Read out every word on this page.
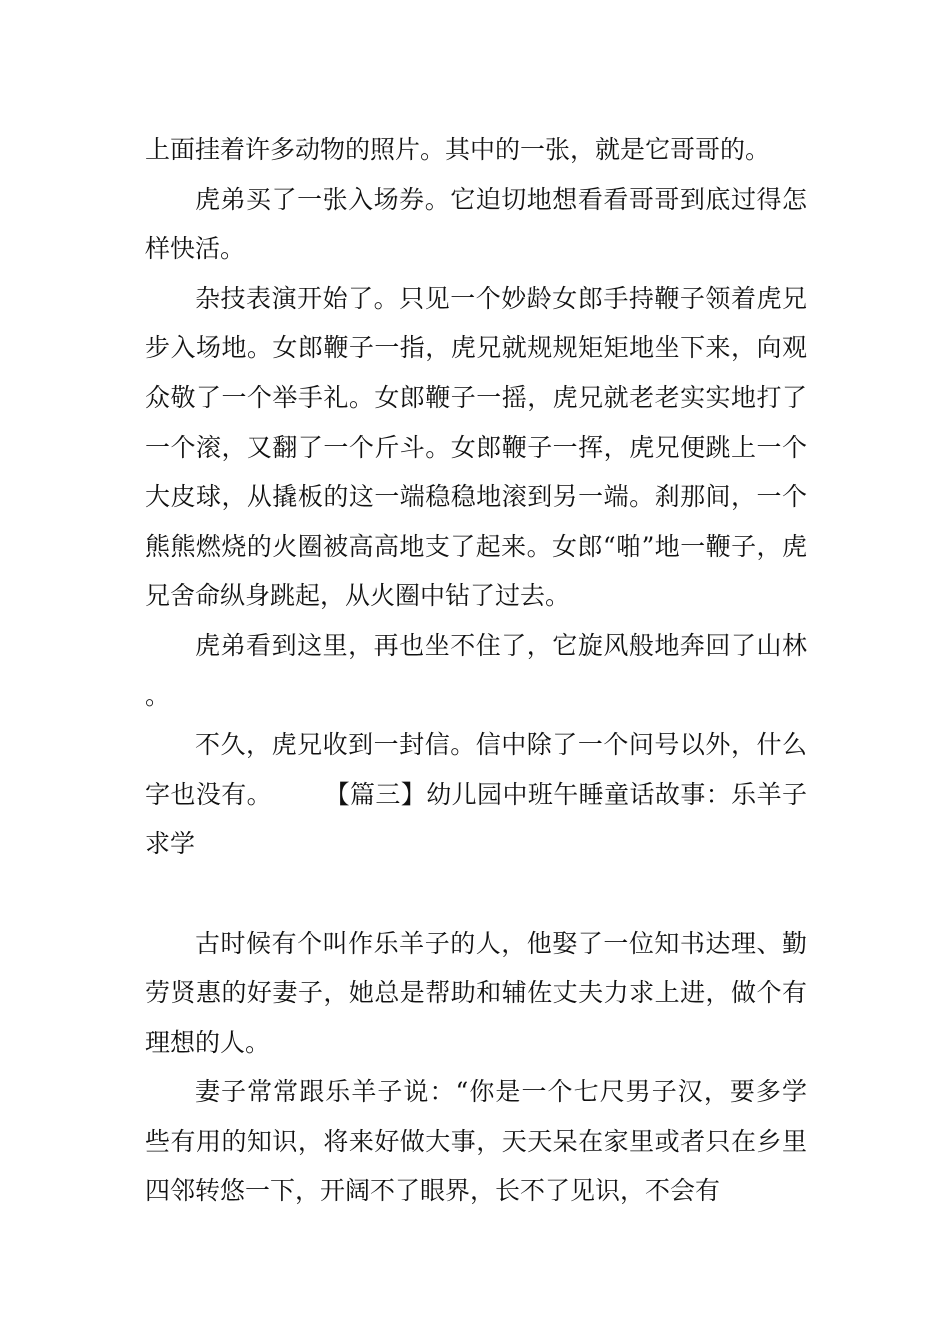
上面挂着许多动物的照片。其中的一张，就是它哥哥的。

虎弟买了一张入场券。它迫切地想看看哥哥到底过得怎样快活。

杂技表演开始了。只见一个妙龄女郎手持鞭子领着虎兄步入场地。女郎鞭子一指，虎兄就规规矩矩地坐下来，向观众敬了一个举手礼。女郎鞭子一摇，虎兄就老老实实地打了一个滚，又翻了一个斤斗。女郎鞭子一挥，虎兄便跳上一个大皮球，从撬板的这一端稳稳地滚到另一端。刹那间，一个熊熊燃烧的火圈被高高地支了起来。女郎“啪”地一鞭子，虎兄舍命纵身跳起，从火圈中钻了过去。

虎弟看到这里，再也坐不住了，它旋风般地奔回了山林。

不久，虎兄收到一封信。信中除了一个问号以外，什么字也没有。	【篇三】幼儿园中班午睡童话故事：乐羊子求学

古时候有个叫作乐羊子的人，他娶了一位知书达理、勤劳贤惠的好妻子，她总是帮助和辅佐丈夫力求上进，做个有理想的人。

妻子常常跟乐羊子说：“你是一个七尺男子汉，要多学些有用的知识，将来好做大事，天天呆在家里或者只在乡里四邻转悠一下，开阔不了眼界，长不了见识，不会有
